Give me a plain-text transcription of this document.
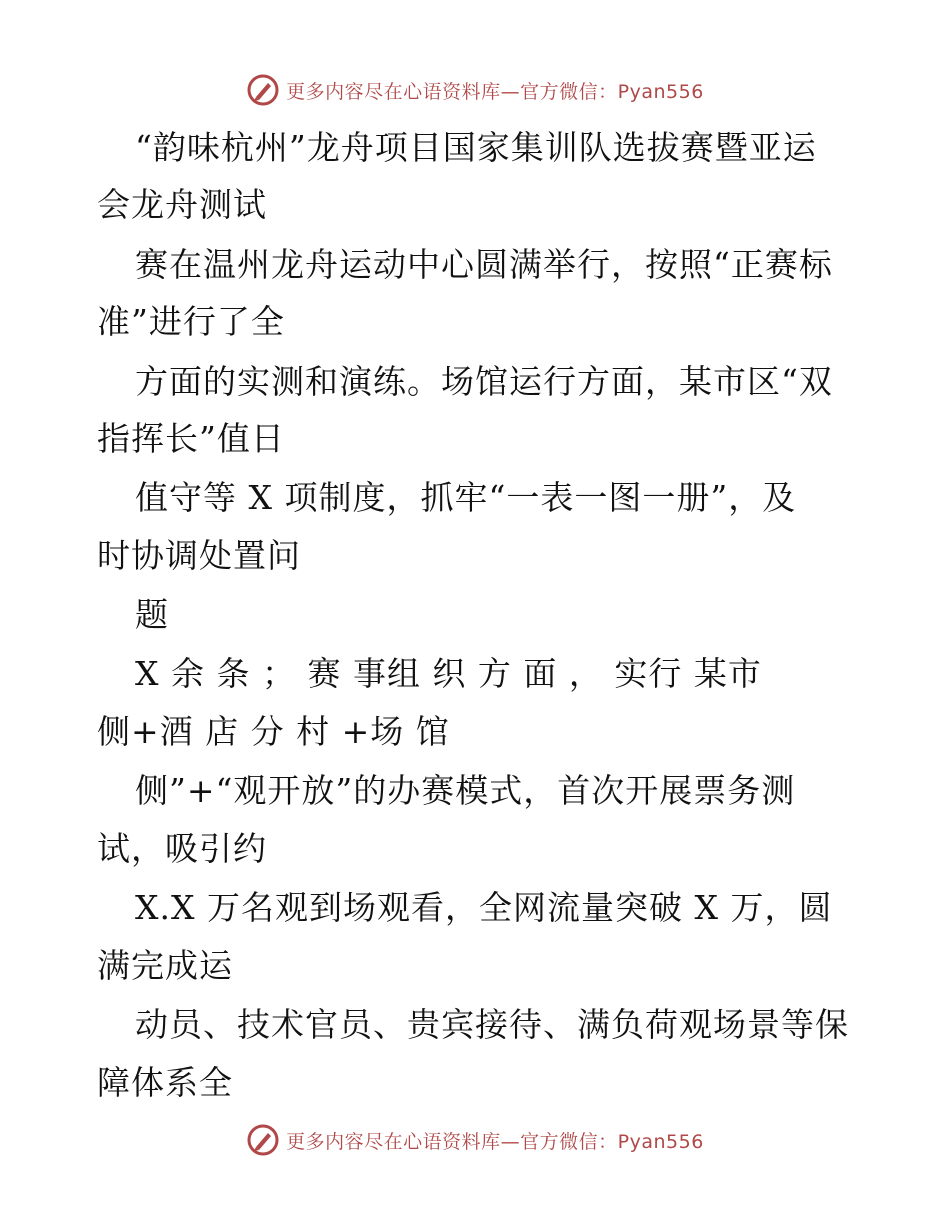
更多内容尽在心语资料库—官方微信：Pyan556
“韵味杭州”龙舟项目国家集训队选拔赛暨亚运
会龙舟测试
赛在温州龙舟运动中心圆满举行，按照“正赛标
准”进行了全
方面的实测和演练。场馆运行方面，某市区“双
指挥长”值日
值守等 X 项制度，抓牢“一表一图一册”，及
时协调处置问
题
X 余 条 ； 赛 事组 织 方 面 ， 实行 某市
侧+酒 店 分 村 +场 馆
侧”+“观开放”的办赛模式，首次开展票务测
试，吸引约
X.X 万名观到场观看，全网流量突破 X 万，圆
满完成运
动员、技术官员、贵宾接待、满负荷观场景等保
障体系全
更多内容尽在心语资料库—官方微信：Pyan556
